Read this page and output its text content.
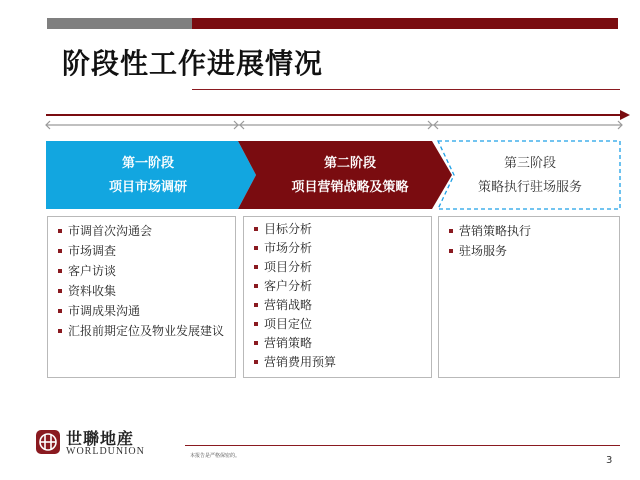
阶段性工作进展情况
第一阶段
项目市场调研
第二阶段
项目营销战略及策略
第三阶段
策略执行驻场服务
市调首次沟通会
市场调查
客户访谈
资料收集
市调成果沟通
汇报前期定位及物业发展建议
目标分析
市场分析
项目分析
客户分析
营销战略
项目定位
营销策略
营销费用预算
营销策略执行
驻场服务
世聯地産
WORLDUNION	本报告是严格保密的。	3
